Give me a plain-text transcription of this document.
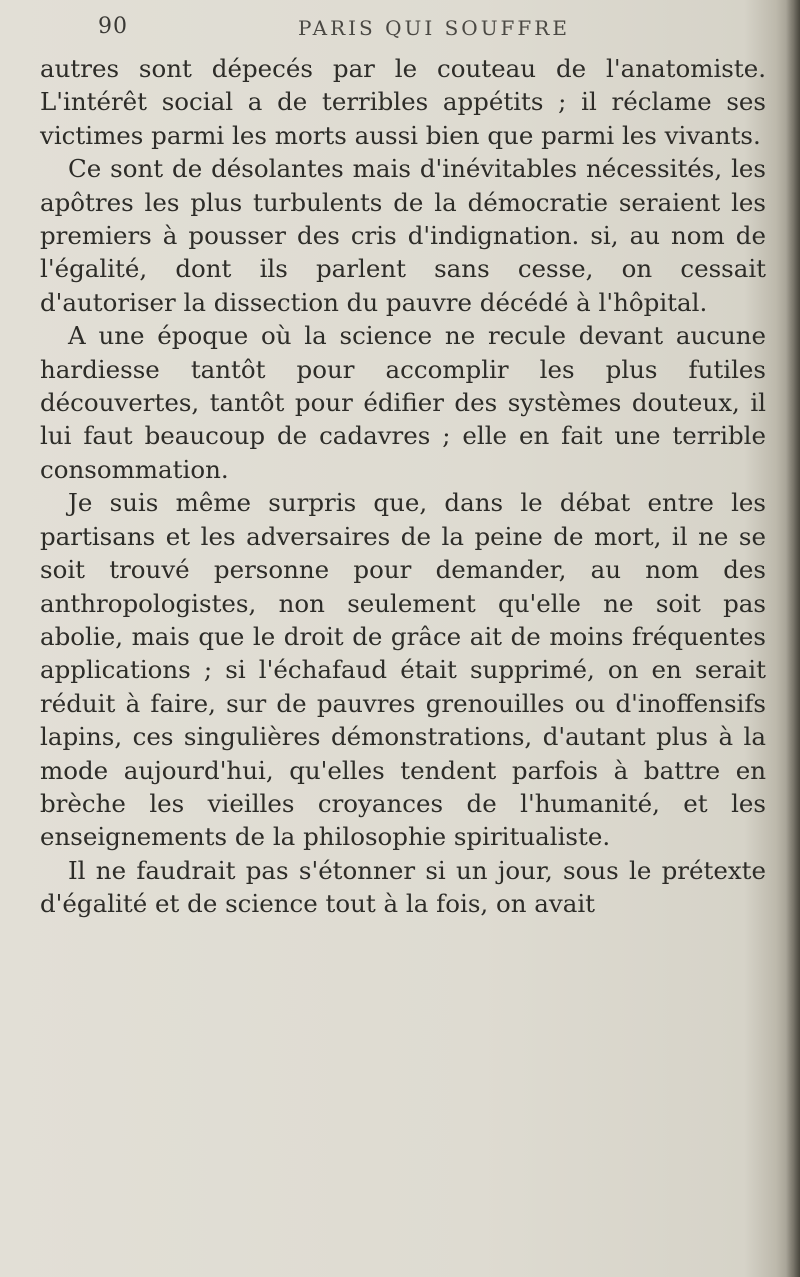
90	PARIS QUI SOUFFRE

autres sont dépecés par le couteau de l'anatomiste. L'intérêt social a de terribles appétits ; il réclame ses victimes parmi les morts aussi bien que parmi les vivants.

Ce sont de désolantes mais d'inévitables nécessités, les apôtres les plus turbulents de la démocratie seraient les premiers à pousser des cris d'indignation. si, au nom de l'égalité, dont ils parlent sans cesse, on cessait d'autoriser la dissection du pauvre décédé à l'hôpital.

A une époque où la science ne recule devant aucune hardiesse tantôt pour accomplir les plus futiles découvertes, tantôt pour édifier des systèmes douteux, il lui faut beaucoup de cadavres ; elle en fait une terrible consommation.

Je suis même surpris que, dans le débat entre les partisans et les adversaires de la peine de mort, il ne se soit trouvé personne pour demander, au nom des anthropologistes, non seulement qu'elle ne soit pas abolie, mais que le droit de grâce ait de moins fréquentes applications ; si l'échafaud était supprimé, on en serait réduit à faire, sur de pauvres grenouilles ou d'inoffensifs lapins, ces singulières démonstrations, d'autant plus à la mode aujourd'hui, qu'elles tendent parfois à battre en brèche les vieilles croyances de l'humanité, et les enseignements de la philosophie spiritualiste.

Il ne faudrait pas s'étonner si un jour, sous le prétexte d'égalité et de science tout à la fois, on avait
